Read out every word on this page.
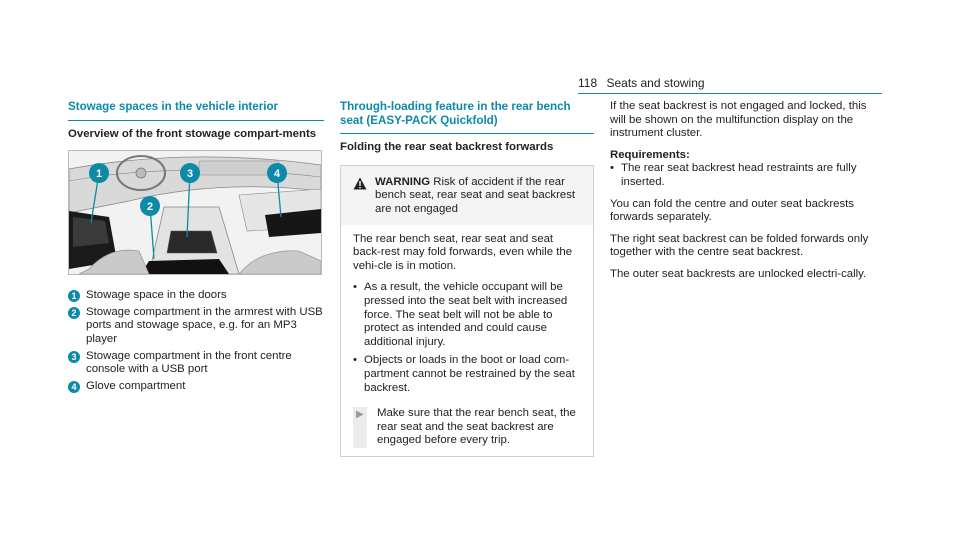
118 Seats and stowing
Stowage spaces in the vehicle interior
Overview of the front stowage compart-ments
1
2
3	4
1 Stowage space in the doors
2 Stowage compartment in the armrest with USB ports and stowage space, e.g. for an MP3 player
3 Stowage compartment in the front centre console with a USB port
4 Glove compartment
Through-loading feature in the rear bench seat (EASY-PACK Quickfold)
Folding the rear seat backrest forwards
WARNING Risk of accident if the rear bench seat, rear seat and seat backrest are not engaged

The rear bench seat, rear seat and seat back-rest may fold forwards, even while the vehi-cle is in motion.

• As a result, the vehicle occupant will be pressed into the seat belt with increased force. The seat belt will not be able to protect as intended and could cause additional injury.
• Objects or loads in the boot or load com-partment cannot be restrained by the seat backrest.
▶ Make sure that the rear bench seat, the rear seat and the seat backrest are engaged before every trip.

If the seat backrest is not engaged and locked, this will be shown on the multifunction display on the instrument cluster.

Requirements:

• The rear seat backrest head restraints are fully inserted.

You can fold the centre and outer seat backrests forwards separately.

The right seat backrest can be folded forwards only together with the centre seat backrest.

The outer seat backrests are unlocked electri-cally.
